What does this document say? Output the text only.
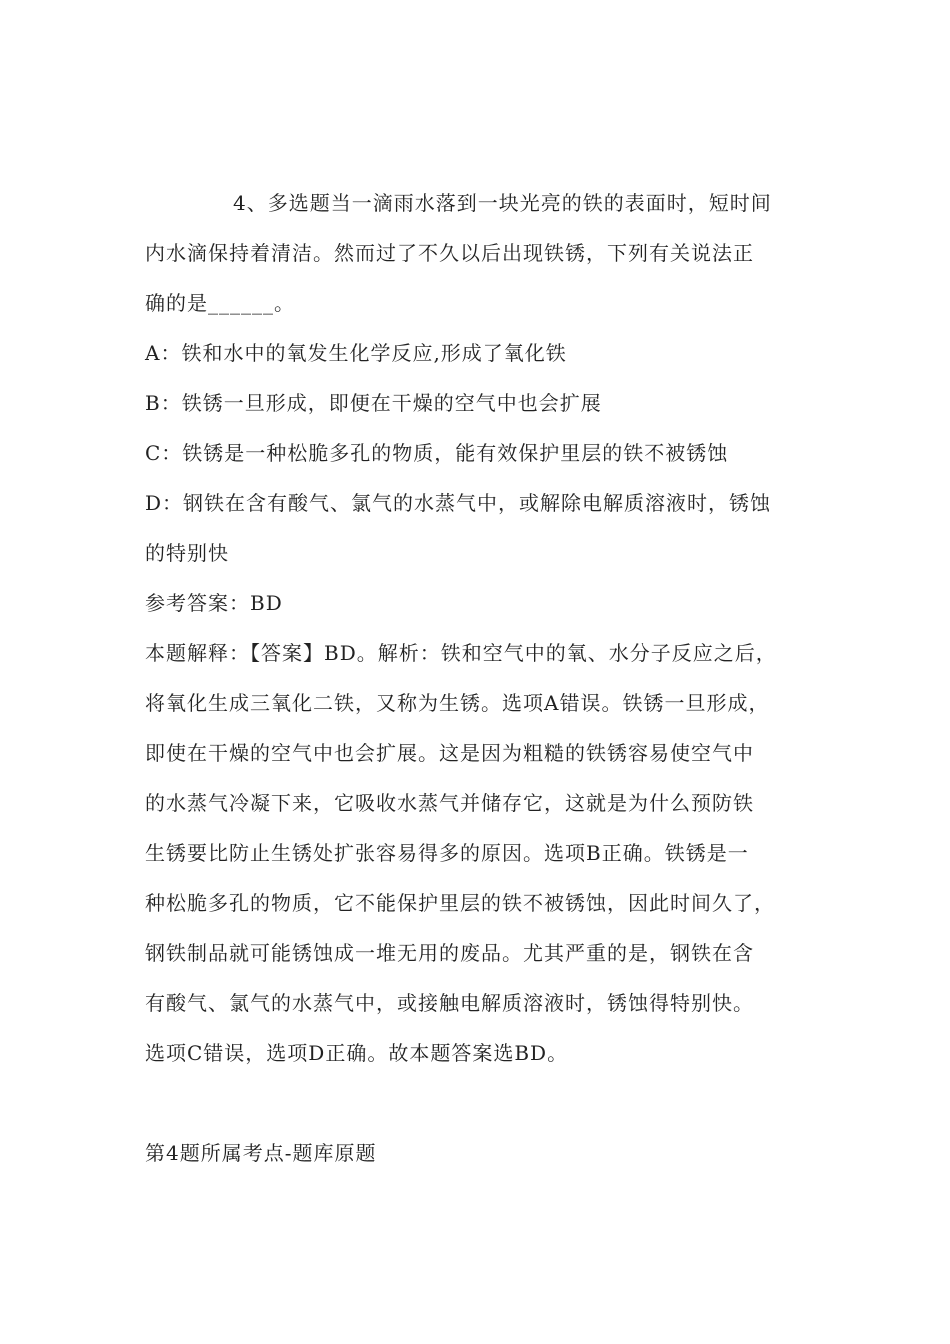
4、多选题当一滴雨水落到一块光亮的铁的表面时，短时间
内水滴保持着清洁。然而过了不久以后出现铁锈，下列有关说法正
确的是______。
A：铁和水中的氧发生化学反应,形成了氧化铁
B：铁锈一旦形成，即便在干燥的空气中也会扩展
C：铁锈是一种松脆多孔的物质，能有效保护里层的铁不被锈蚀
D：钢铁在含有酸气、氯气的水蒸气中，或解除电解质溶液时，锈蚀
的特别快
参考答案：BD
本题解释：【答案】BD。解析：铁和空气中的氧、水分子反应之后，
将氧化生成三氧化二铁，又称为生锈。选项A错误。铁锈一旦形成，
即使在干燥的空气中也会扩展。这是因为粗糙的铁锈容易使空气中
的水蒸气冷凝下来，它吸收水蒸气并储存它，这就是为什么预防铁
生锈要比防止生锈处扩张容易得多的原因。选项B正确。铁锈是一
种松脆多孔的物质，它不能保护里层的铁不被锈蚀，因此时间久了，
钢铁制品就可能锈蚀成一堆无用的废品。尤其严重的是，钢铁在含
有酸气、氯气的水蒸气中，或接触电解质溶液时，锈蚀得特别快。
选项C错误，选项D正确。故本题答案选BD。
第4题所属考点-题库原题
